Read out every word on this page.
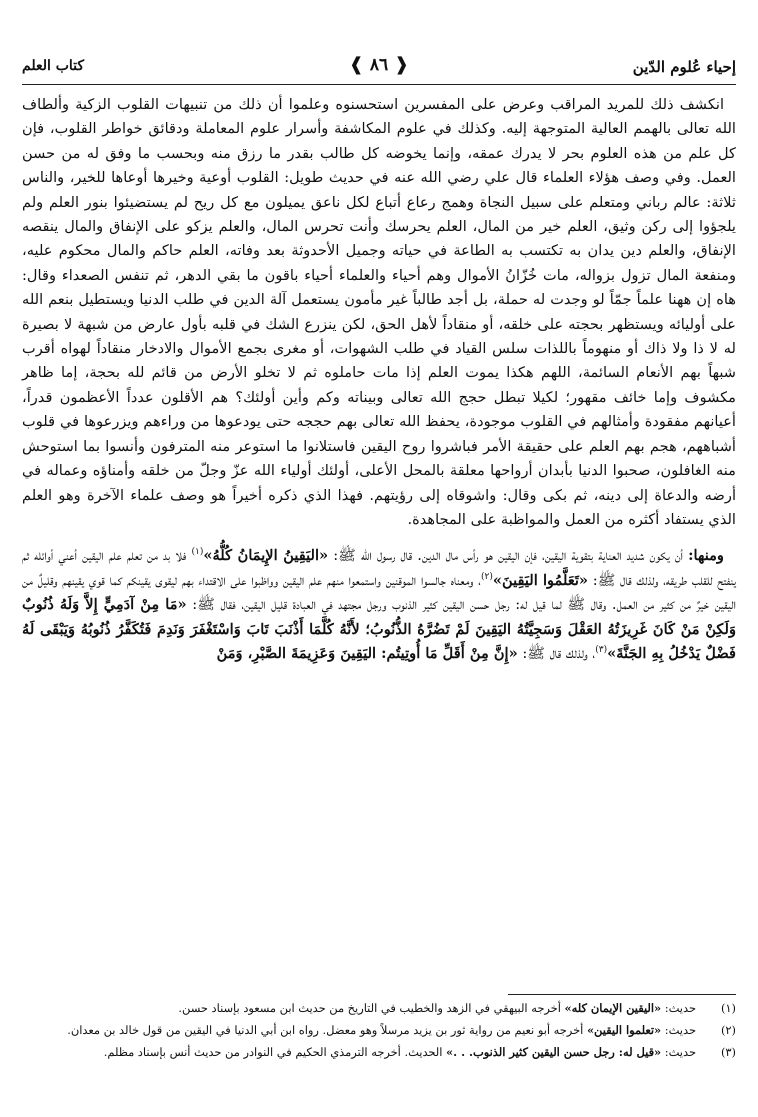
إحياء عُلوم الدّين
❰ ٨٦ ❱
كتاب العلم

انكشف ذلك للمريد المراقب وعرض على المفسرين استحسنوه وعلموا أن ذلك من تنبيهات القلوب الزكية وألطاف الله تعالى بالهمم العالية المتوجهة إليه. وكذلك في علوم المكاشفة وأسرار علوم المعاملة ودقائق خواطر القلوب، فإن كل علم من هذه العلوم بحر لا يدرك عمقه، وإنما يخوضه كل طالب بقدر ما رزق منه وبحسب ما وفق له من حسن العمل. وفي وصف هؤلاء العلماء قال علي رضي الله عنه في حديث طويل: القلوب أوعية وخيرها أوعاها للخير، والناس ثلاثة: عالم رباني ومتعلم على سبيل النجاة وهمج رعاع أتباع لكل ناعق يميلون مع كل ريح لم يستضيئوا بنور العلم ولم يلجؤوا إلى ركن وثيق، العلم خير من المال، العلم يحرسك وأنت تحرس المال، والعلم يزكو على الإنفاق والمال ينقصه الإنفاق، والعلم دين يدان به تكتسب به الطاعة في حياته وجميل الأحدوثة بعد وفاته، العلم حاكم والمال محكوم عليه، ومنفعة المال تزول بزواله، مات خُزّانُ الأموال وهم أحياء والعلماء أحياء باقون ما بقي الدهر، ثم تنفس الصعداء وقال: هاه إن ههنا علماً جمّاً لو وجدت له حملة، بل أجد طالباً غير مأمون يستعمل آلة الدين في طلب الدنيا ويستطيل بنعم الله على أوليائه ويستظهر بحجته على خلقه، أو منقاداً لأهل الحق، لكن ينزرع الشك في قلبه بأول عارض من شبهة لا بصيرة له لا ذا ولا ذاك أو منهوماً باللذات سلس القياد في طلب الشهوات، أو مغرى بجمع الأموال والادخار منقاداً لهواه أقرب شبهاً بهم الأنعام السائمة، اللهم هكذا يموت العلم إذا مات حاملوه ثم لا تخلو الأرض من قائم لله بحجة، إما ظاهر مكشوف وإما خائف مقهور؛ لكيلا تبطل حجج الله تعالى وبيناته وكم وأين أولئك؟ هم الأقلون عدداً الأعظمون قدراً، أعيانهم مفقودة وأمثالهم في القلوب موجودة، يحفظ الله تعالى بهم حججه حتى يودعوها من وراءهم ويزرعوها في قلوب أشباههم، هجم بهم العلم على حقيقة الأمر فباشروا روح اليقين فاستلانوا ما استوعر منه المترفون وأنسوا بما استوحش منه الغافلون، صحبوا الدنيا بأبدان أرواحها معلقة بالمحل الأعلى، أولئك أولياء الله عزّ وجلّ من خلقه وأمناؤه وعماله في أرضه والدعاة إلى دينه، ثم بكى وقال: واشوقاه إلى رؤيتهم. فهذا الذي ذكره أخيراً هو وصف علماء الآخرة وهو العلم الذي يستفاد أكثره من العمل والمواظبة على المجاهدة.

ومنها: أن يكون شديد العناية بتقوية اليقين، فإن اليقين هو رأس مال الدين. قال رسول الله ﷺ: «اليَقِينُ الإِيمَانُ كُلُّهُ»$^{(١)}$ فلا بد من تعلم علم اليقين أعني أوائله ثم ينفتح للقلب طريقه، ولذلك قال ﷺ: «تَعَلَّمُوا اليَقِينَ»$^{(٢)}$، ومعناه جالسوا الموقنين واستمعوا منهم علم اليقين وواظبوا على الاقتداء بهم ليقوى يقينكم كما قوي يقينهم وقليلٌ من اليقين خيرٌ من كثير من العمل. وقال ﷺ لما قيل له: رجل حسن اليقين كثير الذنوب ورجل مجتهد في العبادة قليل اليقين، فقال ﷺ: «مَا مِنْ آدَمِيٍّ إِلاَّ وَلَهُ ذُنُوبٌ وَلَكِنْ مَنْ كَانَ غَرِيزَتُهُ العَقْلَ وَسَجِيَّتُهُ اليَقِينَ لَمْ تَضُرَّهُ الذُّنُوبُ؛ لأَنَّهُ كُلَّمَا أَذْنَبَ تَابَ وَاسْتَغْفَرَ وَنَدِمَ فَتُكَفَّرُ ذُنُوبُهُ وَيَبْقَى لَهُ فَضْلٌ يَدْخُلُ بِهِ الجَنَّةَ»$^{(٣)}$، ولذلك قال ﷺ: «إِنَّ مِنْ أَقَلِّ مَا أُوتِيتُم: اليَقِينَ وَعَزِيمَةَ الصَّبْرِ، وَمَنْ

(١)
حديث: «اليقين الإيمان كله» أخرجه البيهقي في الزهد والخطيب في التاريخ من حديث ابن مسعود بإسناد حسن.
(٢)
حديث: «تعلموا اليقين» أخرجه أبو نعيم من رواية ثور بن يزيد مرسلاً وهو معضل. رواه ابن أبي الدنيا في اليقين من قول خالد بن معدان.
(٣)
حديث: «قيل له: رجل حسن اليقين كثير الذنوب. . .» الحديث. أخرجه الترمذي الحكيم في النوادر من حديث أنس بإسناد مظلم.
